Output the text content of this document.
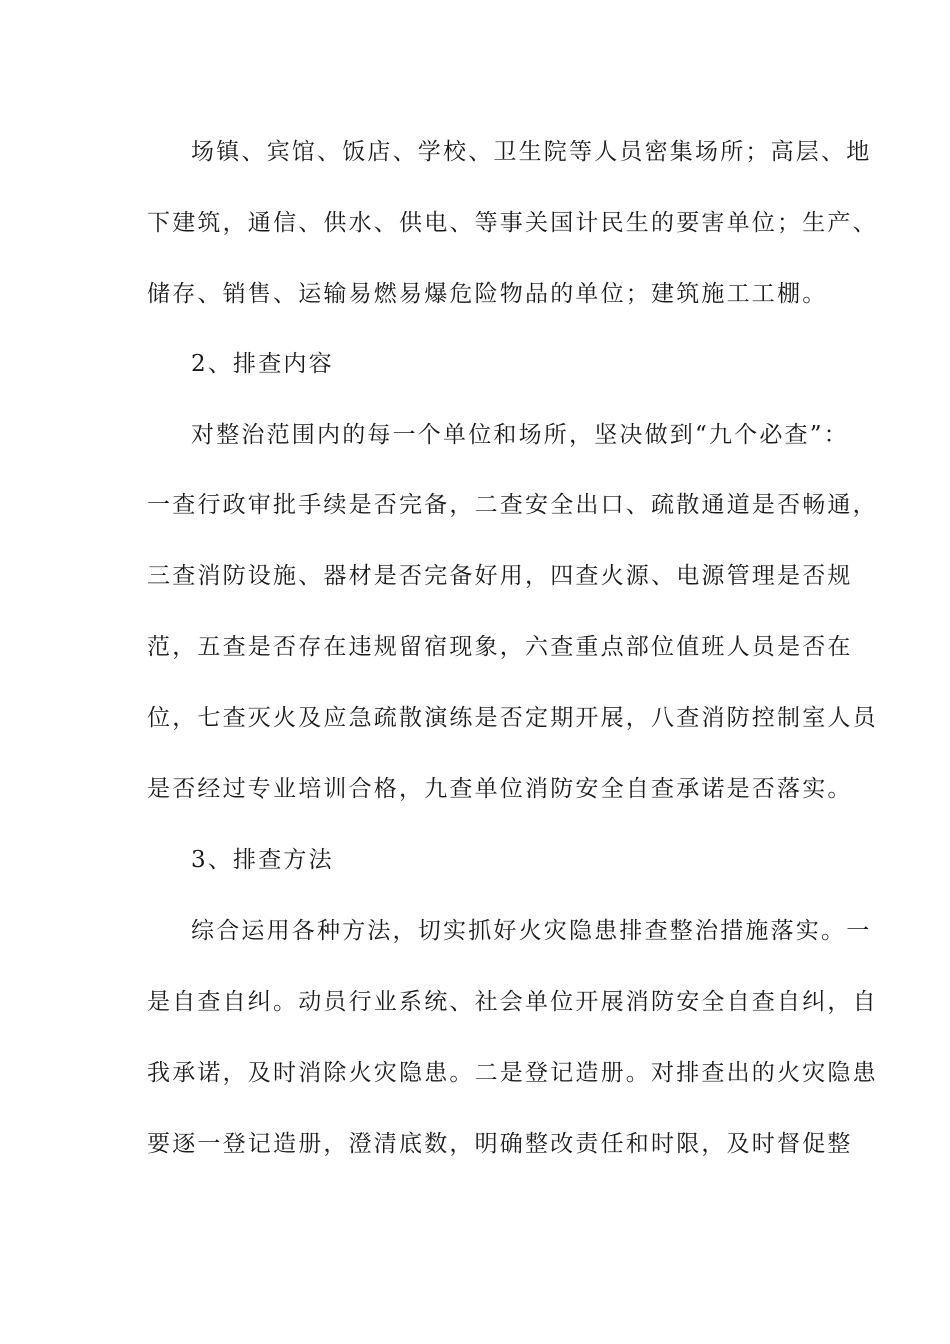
场镇、宾馆、饭店、学校、卫生院等人员密集场所；高层、地
下建筑，通信、供水、供电、等事关国计民生的要害单位；生产、
储存、销售、运输易燃易爆危险物品的单位；建筑施工工棚。
2、排查内容
对整治范围内的每一个单位和场所，坚决做到“九个必查”：
一查行政审批手续是否完备，二查安全出口、疏散通道是否畅通，
三查消防设施、器材是否完备好用，四查火源、电源管理是否规
范，五查是否存在违规留宿现象，六查重点部位值班人员是否在
位，七查灭火及应急疏散演练是否定期开展，八查消防控制室人员
是否经过专业培训合格，九查单位消防安全自查承诺是否落实。
3、排查方法
综合运用各种方法，切实抓好火灾隐患排查整治措施落实。一
是自查自纠。动员行业系统、社会单位开展消防安全自查自纠，自
我承诺，及时消除火灾隐患。二是登记造册。对排查出的火灾隐患
要逐一登记造册，澄清底数，明确整改责任和时限，及时督促整
